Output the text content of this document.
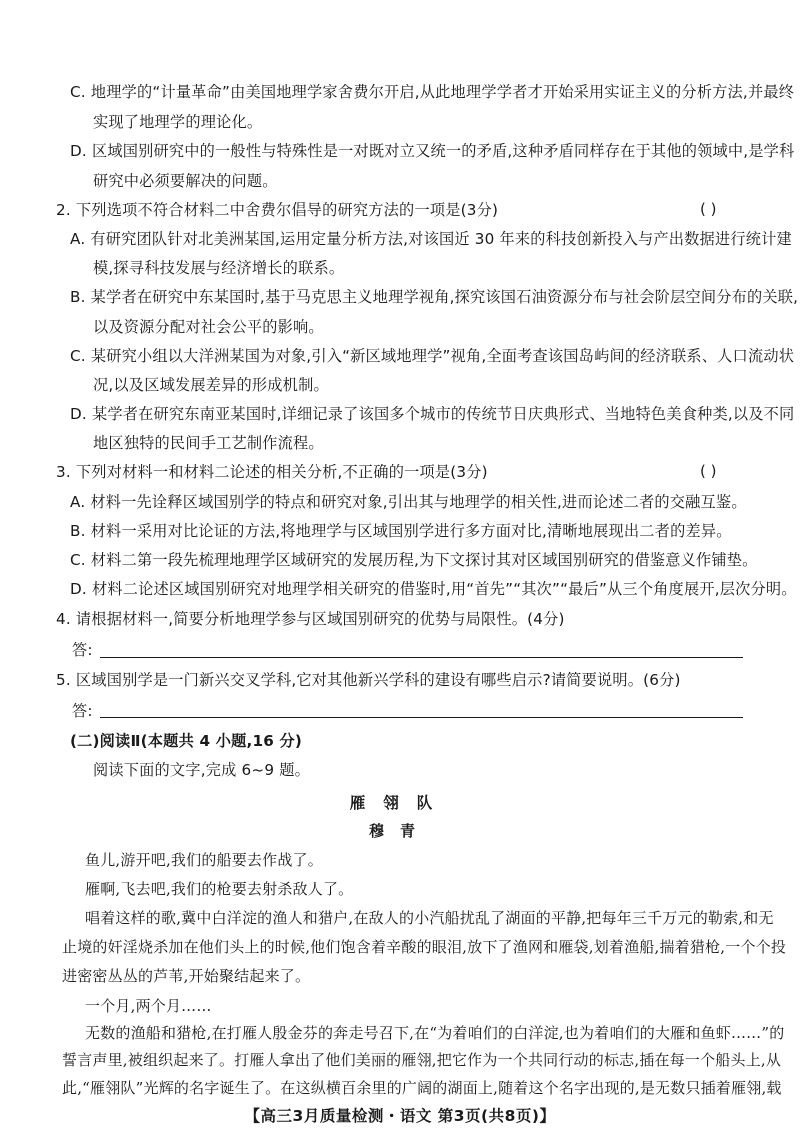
C. 地理学的“计量革命”由美国地理学家舍费尔开启,从此地理学学者才开始采用实证主义的分析方法,并最终
实现了地理学的理论化。
D. 区域国别研究中的一般性与特殊性是一对既对立又统一的矛盾,这种矛盾同样存在于其他的领域中,是学科
研究中必须要解决的问题。
2. 下列选项不符合材料二中舍费尔倡导的研究方法的一项是(3分)	( )
A. 有研究团队针对北美洲某国,运用定量分析方法,对该国近 30 年来的科技创新投入与产出数据进行统计建
模,探寻科技发展与经济增长的联系。
B. 某学者在研究中东某国时,基于马克思主义地理学视角,探究该国石油资源分布与社会阶层空间分布的关联,
以及资源分配对社会公平的影响。
C. 某研究小组以大洋洲某国为对象,引入“新区域地理学”视角,全面考查该国岛屿间的经济联系、人口流动状
况,以及区域发展差异的形成机制。
D. 某学者在研究东南亚某国时,详细记录了该国多个城市的传统节日庆典形式、当地特色美食种类,以及不同
地区独特的民间手工艺制作流程。
3. 下列对材料一和材料二论述的相关分析,不正确的一项是(3分)	( )
A. 材料一先诠释区域国别学的特点和研究对象,引出其与地理学的相关性,进而论述二者的交融互鉴。
B. 材料一采用对比论证的方法,将地理学与区域国别学进行多方面对比,清晰地展现出二者的差异。
C. 材料二第一段先梳理地理学区域研究的发展历程,为下文探讨其对区域国别研究的借鉴意义作铺垫。
D. 材料二论述区域国别研究对地理学相关研究的借鉴时,用“首先”“其次”“最后”从三个角度展开,层次分明。
4. 请根据材料一,简要分析地理学参与区域国别研究的优势与局限性。(4分)
答:
5. 区域国别学是一门新兴交叉学科,它对其他新兴学科的建设有哪些启示?请简要说明。(6分)
答:
(二)阅读Ⅱ(本题共 4 小题,16 分)
阅读下面的文字,完成 6~9 题。
雁翎队
穆青
鱼儿,游开吧,我们的船要去作战了。
雁啊,飞去吧,我们的枪要去射杀敌人了。
唱着这样的歌,冀中白洋淀的渔人和猎户,在敌人的小汽船扰乱了湖面的平静,把每年三千万元的勒索,和无
止境的奸淫烧杀加在他们头上的时候,他们饱含着辛酸的眼泪,放下了渔网和雁袋,划着渔船,揣着猎枪,一个个投
进密密丛丛的芦苇,开始聚结起来了。
一个月,两个月……
无数的渔船和猎枪,在打雁人殷金芬的奔走号召下,在“为着咱们的白洋淀,也为着咱们的大雁和鱼虾……”的
誓言声里,被组织起来了。打雁人拿出了他们美丽的雁翎,把它作为一个共同行动的标志,插在每一个船头上,从
此,“雁翎队”光辉的名字诞生了。在这纵横百余里的广阔的湖面上,随着这个名字出现的,是无数只插着雁翎,载
【高三3月质量检测・语文 第3页(共8页)】
